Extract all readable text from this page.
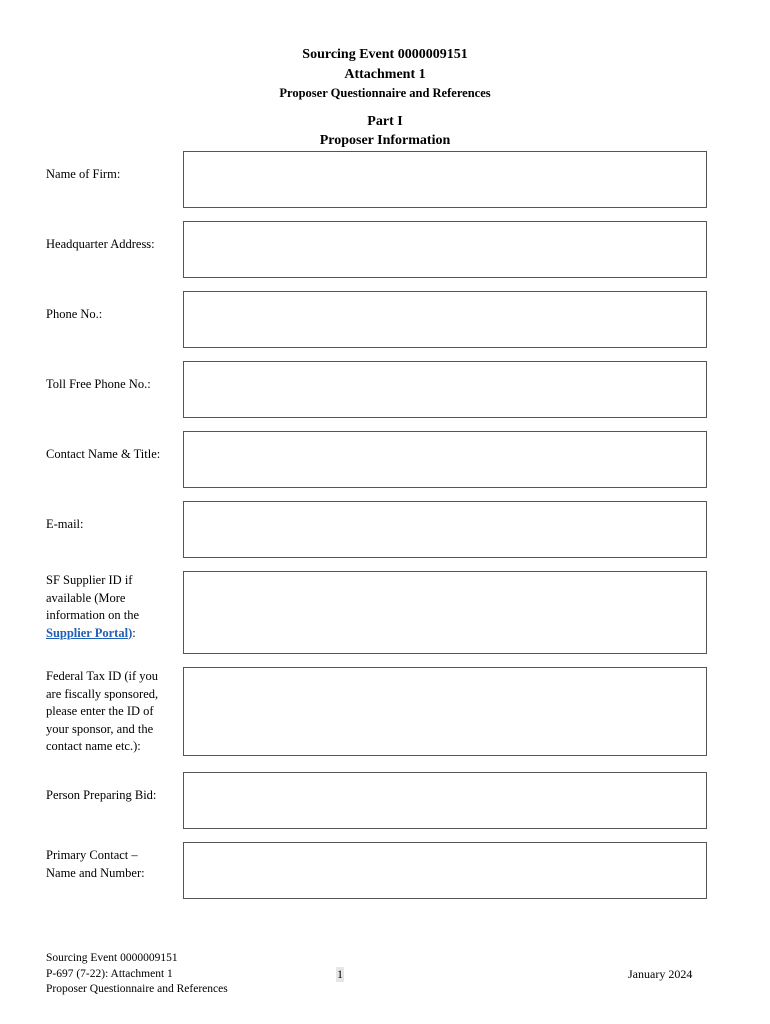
Sourcing Event 0000009151
Attachment 1
Proposer Questionnaire and References
Part I
Proposer Information
Name of Firm:
Headquarter Address:
Phone No.:
Toll Free Phone No.:
Contact Name & Title:
E-mail:
SF Supplier ID if
available (More
information on the
Supplier Portal):
Federal Tax ID (if you
are fiscally sponsored,
please enter the ID of
your sponsor, and the
contact name etc.):
Person Preparing Bid:
Primary Contact –
Name and Number:
Sourcing Event 0000009151
P-697 (7-22): Attachment 1
Proposer Questionnaire and References
1	January 2024
